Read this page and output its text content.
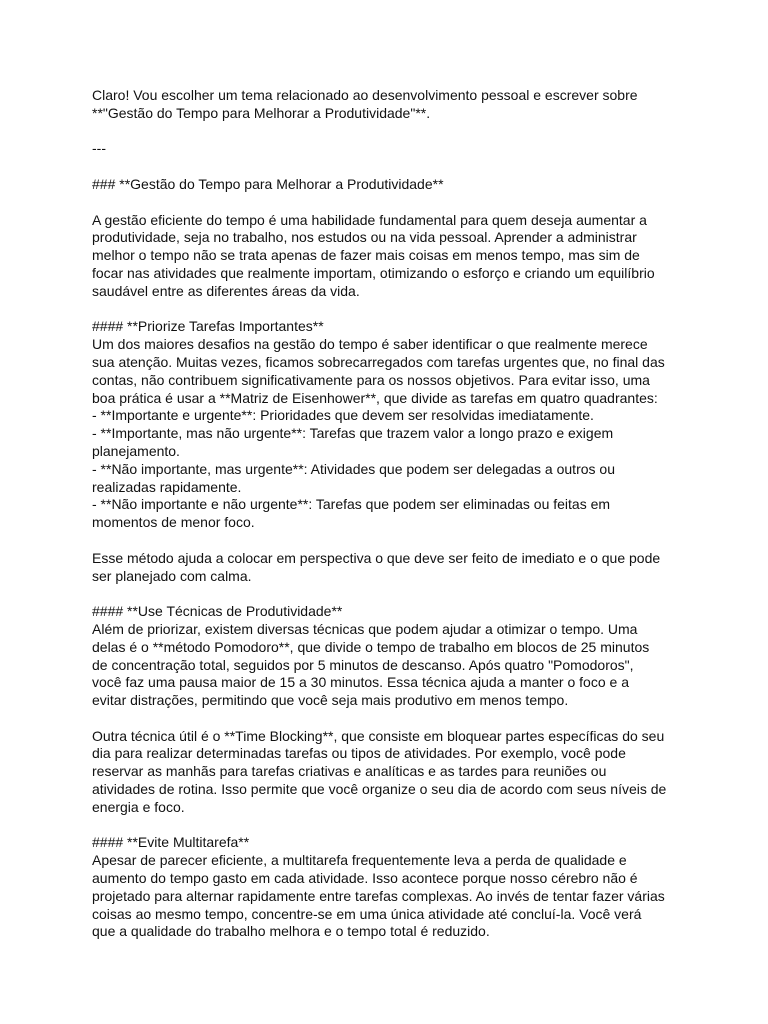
Claro! Vou escolher um tema relacionado ao desenvolvimento pessoal e escrever sobre
**"Gestão do Tempo para Melhorar a Produtividade"**.
---
### **Gestão do Tempo para Melhorar a Produtividade**
A gestão eficiente do tempo é uma habilidade fundamental para quem deseja aumentar a
produtividade, seja no trabalho, nos estudos ou na vida pessoal. Aprender a administrar
melhor o tempo não se trata apenas de fazer mais coisas em menos tempo, mas sim de
focar nas atividades que realmente importam, otimizando o esforço e criando um equilíbrio
saudável entre as diferentes áreas da vida.
#### **Priorize Tarefas Importantes**
Um dos maiores desafios na gestão do tempo é saber identificar o que realmente merece
sua atenção. Muitas vezes, ficamos sobrecarregados com tarefas urgentes que, no final das
contas, não contribuem significativamente para os nossos objetivos. Para evitar isso, uma
boa prática é usar a **Matriz de Eisenhower**, que divide as tarefas em quatro quadrantes:
- **Importante e urgente**: Prioridades que devem ser resolvidas imediatamente.
- **Importante, mas não urgente**: Tarefas que trazem valor a longo prazo e exigem
planejamento.
- **Não importante, mas urgente**: Atividades que podem ser delegadas a outros ou
realizadas rapidamente.
- **Não importante e não urgente**: Tarefas que podem ser eliminadas ou feitas em
momentos de menor foco.
Esse método ajuda a colocar em perspectiva o que deve ser feito de imediato e o que pode
ser planejado com calma.
#### **Use Técnicas de Produtividade**
Além de priorizar, existem diversas técnicas que podem ajudar a otimizar o tempo. Uma
delas é o **método Pomodoro**, que divide o tempo de trabalho em blocos de 25 minutos
de concentração total, seguidos por 5 minutos de descanso. Após quatro "Pomodoros",
você faz uma pausa maior de 15 a 30 minutos. Essa técnica ajuda a manter o foco e a
evitar distrações, permitindo que você seja mais produtivo em menos tempo.
Outra técnica útil é o **Time Blocking**, que consiste em bloquear partes específicas do seu
dia para realizar determinadas tarefas ou tipos de atividades. Por exemplo, você pode
reservar as manhãs para tarefas criativas e analíticas e as tardes para reuniões ou
atividades de rotina. Isso permite que você organize o seu dia de acordo com seus níveis de
energia e foco.
#### **Evite Multitarefa**
Apesar de parecer eficiente, a multitarefa frequentemente leva a perda de qualidade e
aumento do tempo gasto em cada atividade. Isso acontece porque nosso cérebro não é
projetado para alternar rapidamente entre tarefas complexas. Ao invés de tentar fazer várias
coisas ao mesmo tempo, concentre-se em uma única atividade até concluí-la. Você verá
que a qualidade do trabalho melhora e o tempo total é reduzido.
